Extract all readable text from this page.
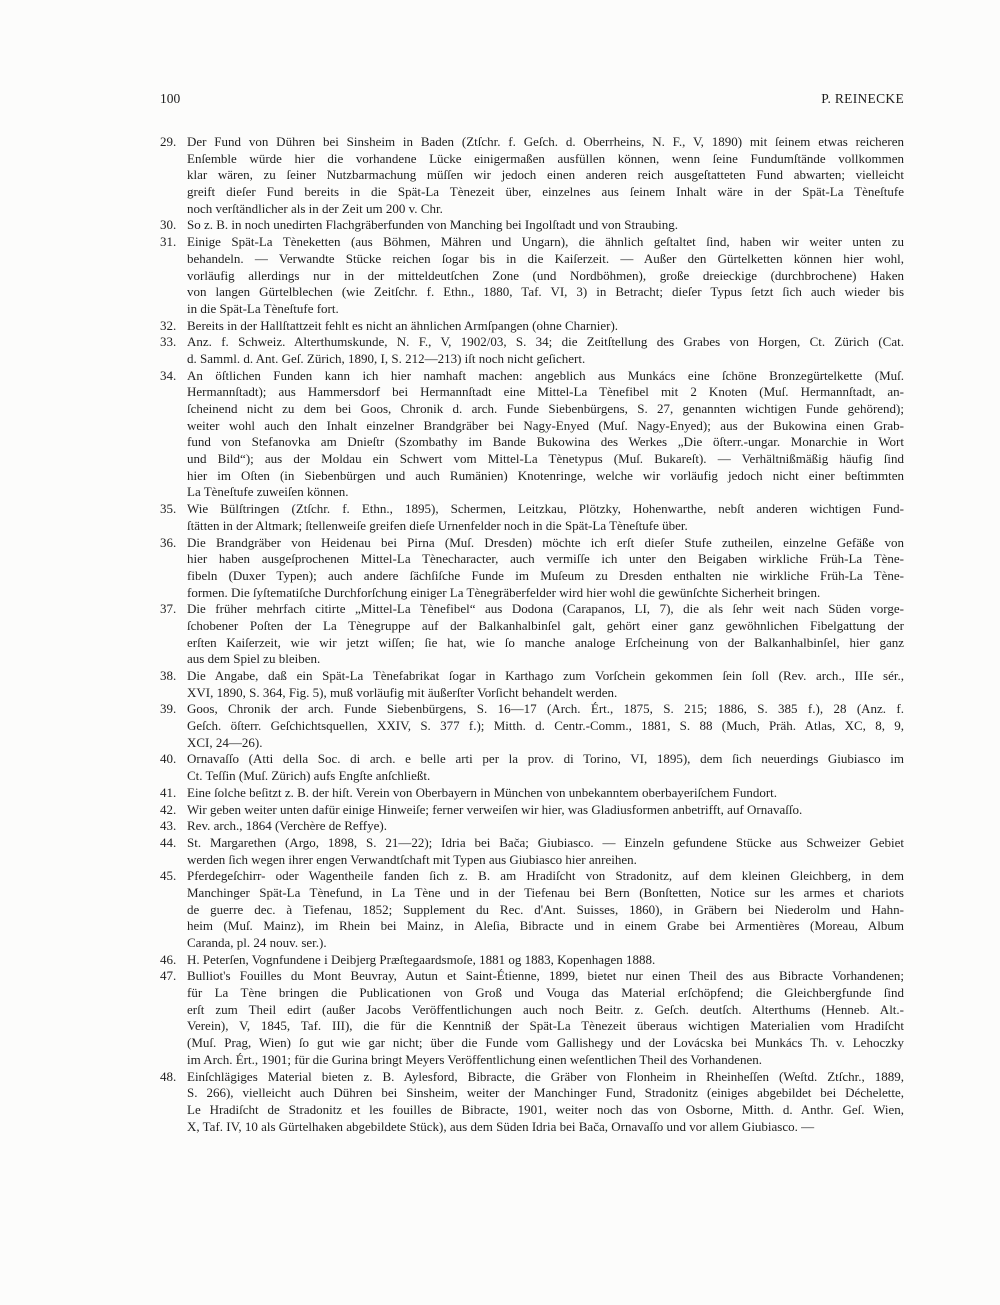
100	P. REINECKE
29. Der Fund von Dühren bei Sinsheim in Baden (Ztſchr. f. Geſch. d. Oberrheins, N. F., V, 1890) mit ſeinem etwas reicheren
Enſemble würde hier die vorhandene Lücke einigermaßen ausfüllen können, wenn ſeine Fundumſtände vollkommen
klar wären, zu ſeiner Nutzbarmachung müſſen wir jedoch einen anderen reich ausgeſtatteten Fund abwarten; vielleicht
greift dieſer Fund bereits in die Spät-La Tènezeit über, einzelnes aus ſeinem Inhalt wäre in der Spät-La Tèneſtufe
noch verſtändlicher als in der Zeit um 200 v. Chr.
30. So z. B. in noch unedirten Flachgräberfunden von Manching bei Ingolſtadt und von Straubing.
31. Einige Spät-La Tèneketten (aus Böhmen, Mähren und Ungarn), die ähnlich geſtaltet ſind, haben wir weiter unten zu
behandeln. — Verwandte Stücke reichen ſogar bis in die Kaiſerzeit. — Außer den Gürtelketten können hier wohl,
vorläufig allerdings nur in der mitteldeutſchen Zone (und Nordböhmen), große dreieckige (durchbrochene) Haken
von langen Gürtelblechen (wie Zeitſchr. f. Ethn., 1880, Taf. VI, 3) in Betracht; dieſer Typus ſetzt ſich auch wieder bis
in die Spät-La Tèneſtufe fort.
32. Bereits in der Hallſtattzeit fehlt es nicht an ähnlichen Armſpangen (ohne Charnier).
33. Anz. f. Schweiz. Alterthumskunde, N. F., V, 1902/03, S. 34; die Zeitſtellung des Grabes von Horgen, Ct. Zürich (Cat.
d. Samml. d. Ant. Geſ. Zürich, 1890, I, S. 212—213) iſt noch nicht geſichert.
34. An öſtlichen Funden kann ich hier namhaft machen: angeblich aus Munkács eine ſchöne Bronzegürtelkette (Muſ.
Hermannſtadt); aus Hammersdorf bei Hermannſtadt eine Mittel-La Tènefibel mit 2 Knoten (Muſ. Hermannſtadt, an-
ſcheinend nicht zu dem bei Goos, Chronik d. arch. Funde Siebenbürgens, S. 27, genannten wichtigen Funde gehörend);
weiter wohl auch den Inhalt einzelner Brandgräber bei Nagy-Enyed (Muſ. Nagy-Enyed); aus der Bukowina einen Grab-
fund von Stefanovka am Dnieſtr (Szombathy im Bande Bukowina des Werkes „Die öſterr.-ungar. Monarchie in Wort
und Bild“); aus der Moldau ein Schwert vom Mittel-La Tènetypus (Muſ. Bukareſt). — Verhältnißmäßig häufig ſind
hier im Oſten (in Siebenbürgen und auch Rumänien) Knotenringe, welche wir vorläufig jedoch nicht einer beſtimmten
La Tèneſtufe zuweiſen können.
35. Wie Bülſtringen (Ztſchr. f. Ethn., 1895), Schermen, Leitzkau, Plötzky, Hohenwarthe, nebſt anderen wichtigen Fund-
ſtätten in der Altmark; ſtellenweiſe greifen dieſe Urnenfelder noch in die Spät-La Tèneſtufe über.
36. Die Brandgräber von Heidenau bei Pirna (Muſ. Dresden) möchte ich erſt dieſer Stufe zutheilen, einzelne Gefäße von
hier haben ausgeſprochenen Mittel-La Tènecharacter, auch vermiſſe ich unter den Beigaben wirkliche Früh-La Tène-
fibeln (Duxer Typen); auch andere ſächſiſche Funde im Muſeum zu Dresden enthalten nie wirkliche Früh-La Tène-
formen. Die ſyſtematiſche Durchforſchung einiger La Tènegräberfelder wird hier wohl die gewünſchte Sicherheit bringen.
37. Die früher mehrfach citirte „Mittel-La Tènefibel“ aus Dodona (Carapanos, LI, 7), die als ſehr weit nach Süden vorge-
ſchobener Poſten der La Tènegruppe auf der Balkanhalbinſel galt, gehört einer ganz gewöhnlichen Fibelgattung der
erſten Kaiſerzeit, wie wir jetzt wiſſen; ſie hat, wie ſo manche analoge Erſcheinung von der Balkanhalbinſel, hier ganz
aus dem Spiel zu bleiben.
38. Die Angabe, daß ein Spät-La Tènefabrikat ſogar in Karthago zum Vorſchein gekommen ſein ſoll (Rev. arch., IIIe sér.,
XVI, 1890, S. 364, Fig. 5), muß vorläufig mit äußerſter Vorſicht behandelt werden.
39. Goos, Chronik der arch. Funde Siebenbürgens, S. 16—17 (Arch. Ért., 1875, S. 215; 1886, S. 385 f.), 28 (Anz. f.
Geſch. öſterr. Geſchichtsquellen, XXIV, S. 377 f.); Mitth. d. Centr.-Comm., 1881, S. 88 (Much, Präh. Atlas, XC, 8, 9,
XCI, 24—26).
40. Ornavaſſo (Atti della Soc. di arch. e belle arti per la prov. di Torino, VI, 1895), dem ſich neuerdings Giubiasco im
Ct. Teſſin (Muſ. Zürich) aufs Engſte anſchließt.
41. Eine ſolche beſitzt z. B. der hiſt. Verein von Oberbayern in München von unbekanntem oberbayeriſchem Fundort.
42. Wir geben weiter unten dafür einige Hinweiſe; ferner verweiſen wir hier, was Gladiusformen anbetrifft, auf Ornavaſſo.
43. Rev. arch., 1864 (Verchère de Reffye).
44. St. Margarethen (Argo, 1898, S. 21—22); Idria bei Bača; Giubiasco. — Einzeln gefundene Stücke aus Schweizer Gebiet
werden ſich wegen ihrer engen Verwandtſchaft mit Typen aus Giubiasco hier anreihen.
45. Pferdegeſchirr- oder Wagentheile fanden ſich z. B. am Hradiſcht von Stradonitz, auf dem kleinen Gleichberg, in dem
Manchinger Spät-La Tènefund, in La Tène und in der Tiefenau bei Bern (Bonſtetten, Notice sur les armes et chariots
de guerre dec. à Tiefenau, 1852; Supplement du Rec. d'Ant. Suisses, 1860), in Gräbern bei Niederolm und Hahn-
heim (Muſ. Mainz), im Rhein bei Mainz, in Aleſia, Bibracte und in einem Grabe bei Armentières (Moreau, Album
Caranda, pl. 24 nouv. ser.).
46. H. Peterſen, Vognfundene i Deibjerg Præſtegaardsmoſe, 1881 og 1883, Kopenhagen 1888.
47. Bulliot's Fouilles du Mont Beuvray, Autun et Saint-Étienne, 1899, bietet nur einen Theil des aus Bibracte Vorhandenen;
für La Tène bringen die Publicationen von Groß und Vouga das Material erſchöpfend; die Gleichbergfunde ſind
erſt zum Theil edirt (außer Jacobs Veröffentlichungen auch noch Beitr. z. Geſch. deutſch. Alterthums (Henneb. Alt.-
Verein), V, 1845, Taf. III), die für die Kenntniß der Spät-La Tènezeit überaus wichtigen Materialien vom Hradiſcht
(Muſ. Prag, Wien) ſo gut wie gar nicht; über die Funde vom Gallishegy und der Lovácska bei Munkács Th. v. Lehoczky
im Arch. Ért., 1901; für die Gurina bringt Meyers Veröffentlichung einen weſentlichen Theil des Vorhandenen.
48. Einſchlägiges Material bieten z. B. Aylesford, Bibracte, die Gräber von Flonheim in Rheinheſſen (Weſtd. Ztſchr., 1889,
S. 266), vielleicht auch Dühren bei Sinsheim, weiter der Manchinger Fund, Stradonitz (einiges abgebildet bei Déchelette,
Le Hradiſcht de Stradonitz et les fouilles de Bibracte, 1901, weiter noch das von Osborne, Mitth. d. Anthr. Geſ. Wien,
X, Taf. IV, 10 als Gürtelhaken abgebildete Stück), aus dem Süden Idria bei Bača, Ornavaſſo und vor allem Giubiasco. —
